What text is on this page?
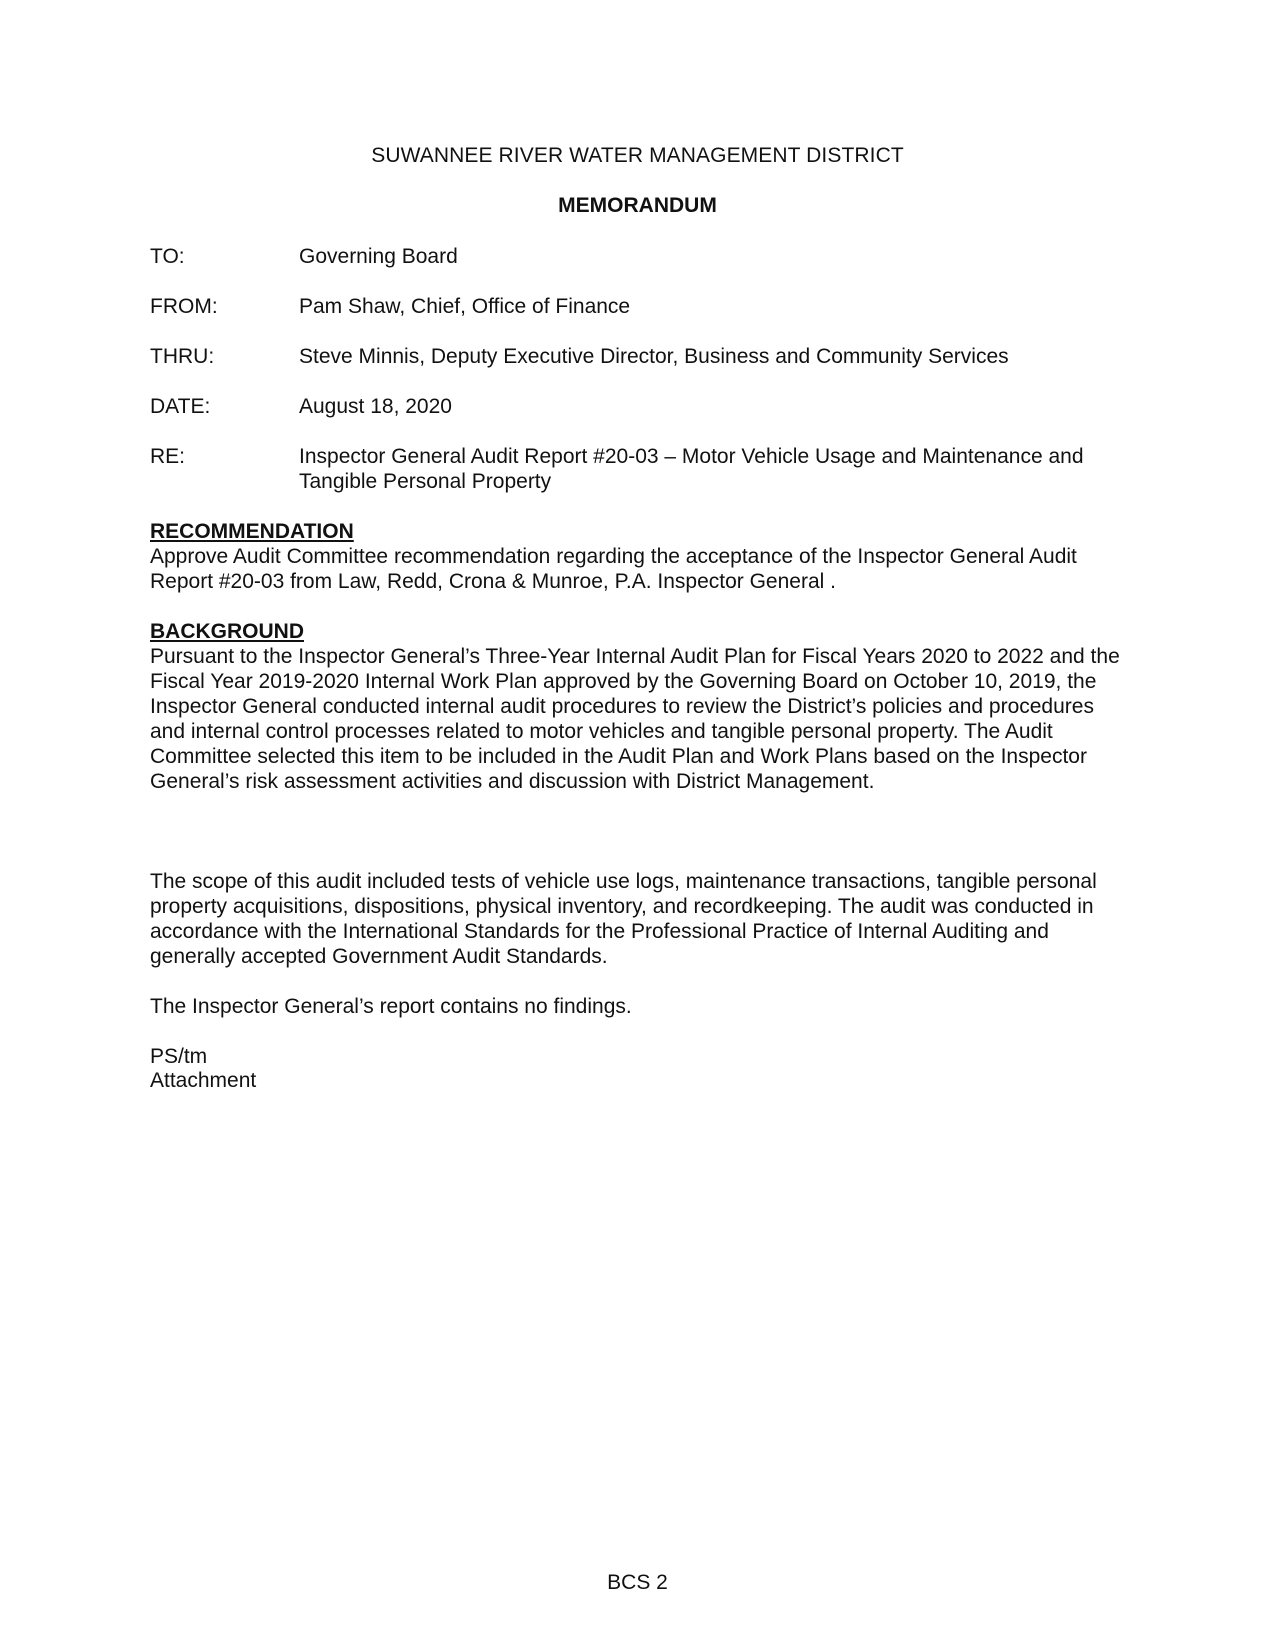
SUWANNEE RIVER WATER MANAGEMENT DISTRICT
MEMORANDUM
TO:	Governing Board
FROM:	Pam Shaw, Chief, Office of Finance
THRU:	Steve Minnis, Deputy Executive Director, Business and Community Services
DATE:	August 18, 2020
RE:	Inspector General Audit Report #20-03 – Motor Vehicle Usage and Maintenance and Tangible Personal Property
RECOMMENDATION
Approve Audit Committee recommendation regarding the acceptance of the Inspector General Audit Report #20-03 from Law, Redd, Crona & Munroe, P.A. Inspector General .
BACKGROUND
Pursuant to the Inspector General’s Three-Year Internal Audit Plan for Fiscal Years 2020 to 2022 and the Fiscal Year 2019-2020 Internal Work Plan approved by the Governing Board on October 10, 2019, the Inspector General conducted internal audit procedures to review the District’s policies and procedures and internal control processes related to motor vehicles and tangible personal property. The Audit Committee selected this item to be included in the Audit Plan and Work Plans based on the Inspector General’s risk assessment activities and discussion with District Management.
The scope of this audit included tests of vehicle use logs, maintenance transactions, tangible personal property acquisitions, dispositions, physical inventory, and recordkeeping. The audit was conducted in accordance with the International Standards for the Professional Practice of Internal Auditing and generally accepted Government Audit Standards.
The Inspector General’s report contains no findings.
PS/tm
Attachment
BCS 2
